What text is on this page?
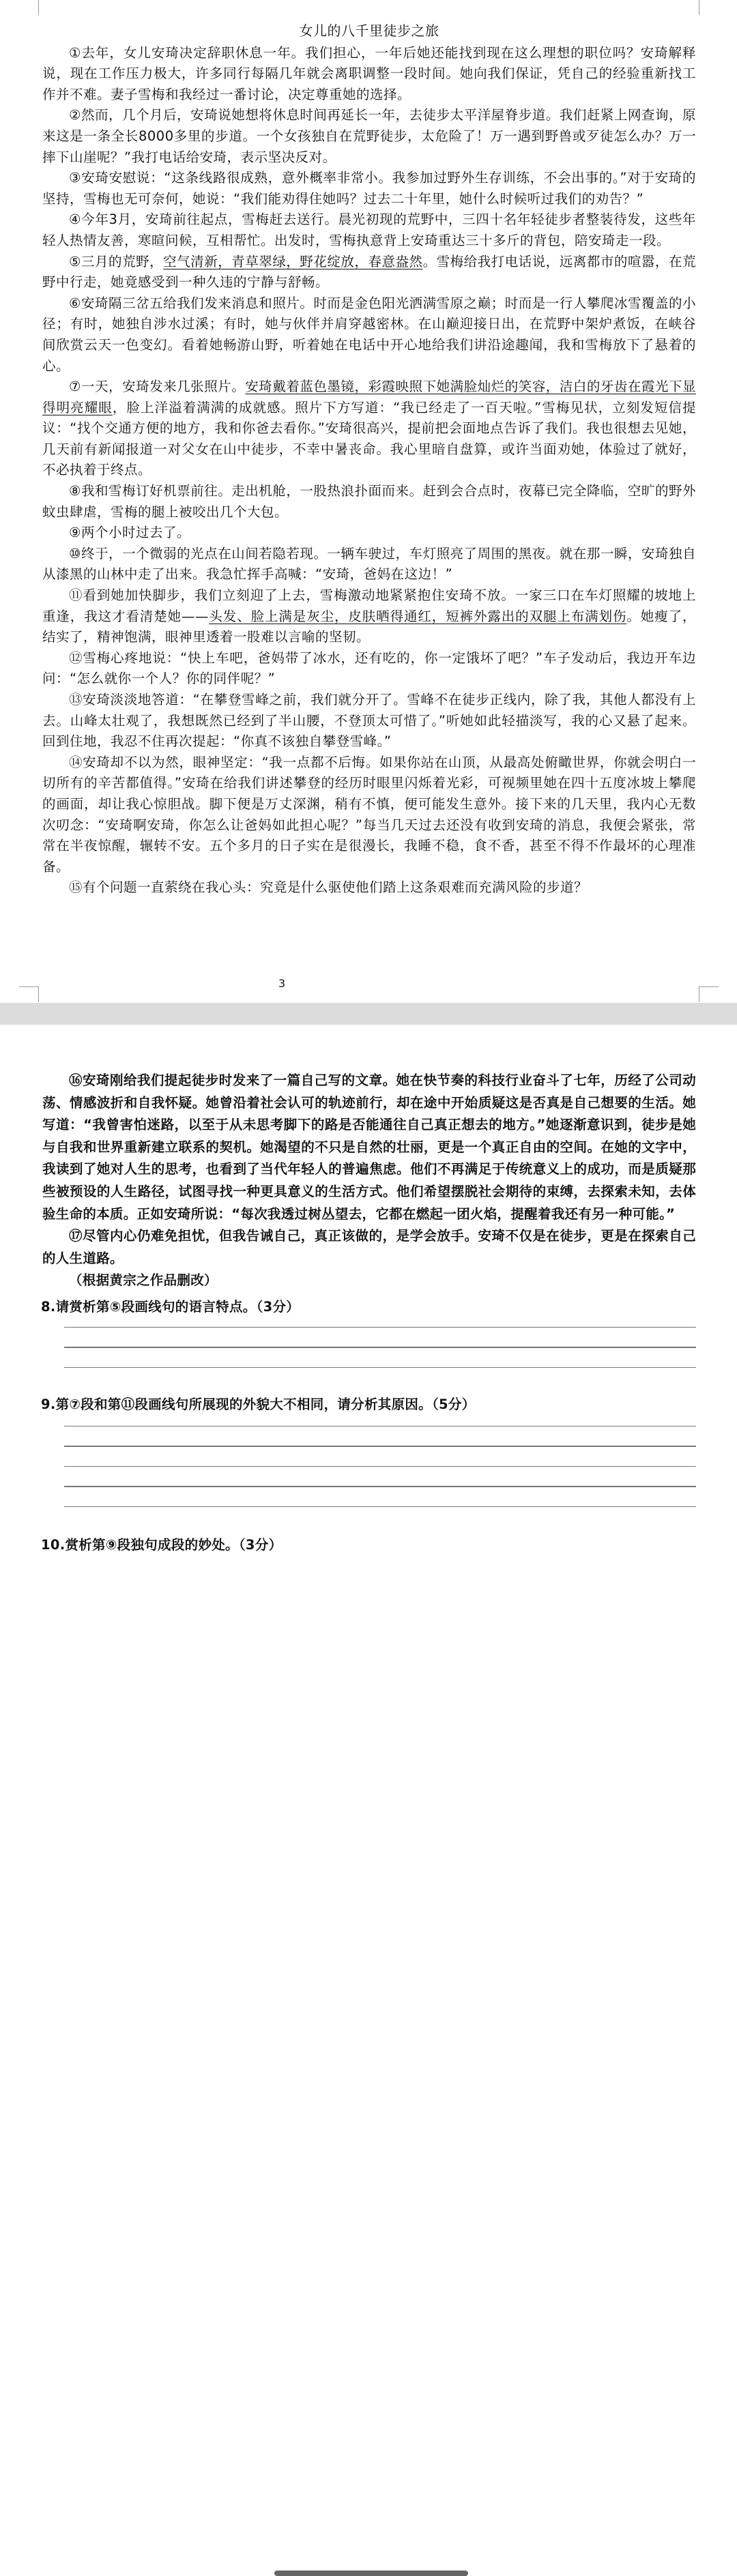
女儿的八千里徒步之旅

①去年，女儿安琦决定辞职休息一年。我们担心，一年后她还能找到现在这么理想的职位吗？安琦解释说，现在工作压力极大，许多同行每隔几年就会离职调整一段时间。她向我们保证，凭自己的经验重新找工作并不难。妻子雪梅和我经过一番讨论，决定尊重她的选择。

②然而，几个月后，安琦说她想将休息时间再延长一年，去徒步太平洋屋脊步道。我们赶紧上网查询，原来这是一条全长8000多里的步道。一个女孩独自在荒野徒步，太危险了！万一遇到野兽或歹徒怎么办？万一摔下山崖呢？”我打电话给安琦，表示坚决反对。

③安琦安慰说：“这条线路很成熟，意外概率非常小。我参加过野外生存训练，不会出事的。”对于安琦的坚持，雪梅也无可奈何，她说：“我们能劝得住她吗？过去二十年里，她什么时候听过我们的劝告？”

④今年3月，安琦前往起点，雪梅赶去送行。晨光初现的荒野中，三四十名年轻徒步者整装待发，这些年轻人热情友善，寒暄问候，互相帮忙。出发时，雪梅执意背上安琦重达三十多斤的背包，陪安琦走一段。

⑤三月的荒野，空气清新，青草翠绿，野花绽放，春意盎然。雪梅给我打电话说，远离都市的喧嚣，在荒野中行走，她竟感受到一种久违的宁静与舒畅。

⑥安琦隔三岔五给我们发来消息和照片。时而是金色阳光洒满雪原之巅；时而是一行人攀爬冰雪覆盖的小径；有时，她独自涉水过溪；有时，她与伙伴并肩穿越密林。在山巅迎接日出，在荒野中架炉煮饭，在峡谷间欣赏云天一色变幻。看着她畅游山野，听着她在电话中开心地给我们讲沿途趣闻，我和雪梅放下了悬着的心。

⑦一天，安琦发来几张照片。安琦戴着蓝色墨镜，彩霞映照下她满脸灿烂的笑容，洁白的牙齿在霞光下显得明亮耀眼，脸上洋溢着满满的成就感。照片下方写道：“我已经走了一百天啦。”雪梅见状，立刻发短信提议：“找个交通方便的地方，我和你爸去看你。”安琦很高兴，提前把会面地点告诉了我们。我也很想去见她，几天前有新闻报道一对父女在山中徒步，不幸中暑丧命。我心里暗自盘算，或许当面劝她，体验过了就好，不必执着于终点。

⑧我和雪梅订好机票前往。走出机舱，一股热浪扑面而来。赶到会合点时，夜幕已完全降临，空旷的野外蚊虫肆虐，雪梅的腿上被咬出几个大包。

⑨两个小时过去了。

⑩终于，一个微弱的光点在山间若隐若现。一辆车驶过，车灯照亮了周围的黑夜。就在那一瞬，安琦独自从漆黑的山林中走了出来。我急忙挥手高喊：“安琦，爸妈在这边！”

⑪看到她加快脚步，我们立刻迎了上去，雪梅激动地紧紧抱住安琦不放。一家三口在车灯照耀的坡地上重逢，我这才看清楚她——头发、脸上满是灰尘，皮肤晒得通红，短裤外露出的双腿上布满划伤。她瘦了，结实了，精神饱满，眼神里透着一股难以言喻的坚韧。

⑫雪梅心疼地说：“快上车吧，爸妈带了冰水，还有吃的，你一定饿坏了吧？”车子发动后，我边开车边问：“怎么就你一个人？你的同伴呢？”

⑬安琦淡淡地答道：“在攀登雪峰之前，我们就分开了。雪峰不在徒步正线内，除了我，其他人都没有上去。山峰太壮观了，我想既然已经到了半山腰，不登顶太可惜了。”听她如此轻描淡写，我的心又悬了起来。回到住地，我忍不住再次提起：“你真不该独自攀登雪峰。”

⑭安琦却不以为然，眼神坚定：“我一点都不后悔。如果你站在山顶，从最高处俯瞰世界，你就会明白一切所有的辛苦都值得。”安琦在给我们讲述攀登的经历时眼里闪烁着光彩，可视频里她在四十五度冰坡上攀爬的画面，却让我心惊胆战。脚下便是万丈深渊，稍有不慎，便可能发生意外。接下来的几天里，我内心无数次叨念：“安琦啊安琦，你怎么让爸妈如此担心呢？”每当几天过去还没有收到安琦的消息，我便会紧张，常常在半夜惊醒，辗转不安。五个多月的日子实在是很漫长，我睡不稳，食不香，甚至不得不作最坏的心理准备。

⑮有个问题一直萦绕在我心头：究竟是什么驱使他们踏上这条艰难而充满风险的步道？

3

⑯安琦刚给我们提起徒步时发来了一篇自己写的文章。她在快节奏的科技行业奋斗了七年，历经了公司动荡、情感波折和自我怀疑。她曾沿着社会认可的轨迹前行，却在途中开始质疑这是否真是自己想要的生活。她写道：“我曾害怕迷路，以至于从未思考脚下的路是否能通往自己真正想去的地方。”她逐渐意识到，徒步是她与自我和世界重新建立联系的契机。她渴望的不只是自然的壮丽，更是一个真正自由的空间。在她的文字中，我读到了她对人生的思考，也看到了当代年轻人的普遍焦虑。他们不再满足于传统意义上的成功，而是质疑那些被预设的人生路径，试图寻找一种更具意义的生活方式。他们希望摆脱社会期待的束缚，去探索未知，去体验生命的本质。正如安琦所说：“每次我透过树丛望去，它都在燃起一团火焰，提醒着我还有另一种可能。”

⑰尽管内心仍难免担忧，但我告诫自己，真正该做的，是学会放手。安琦不仅是在徒步，更是在探索自己的人生道路。

（根据黄宗之作品删改）

8.请赏析第⑤段画线句的语言特点。（3分）

9.第⑦段和第⑪段画线句所展现的外貌大不相同，请分析其原因。（5分）

10.赏析第⑨段独句成段的妙处。（3分）
